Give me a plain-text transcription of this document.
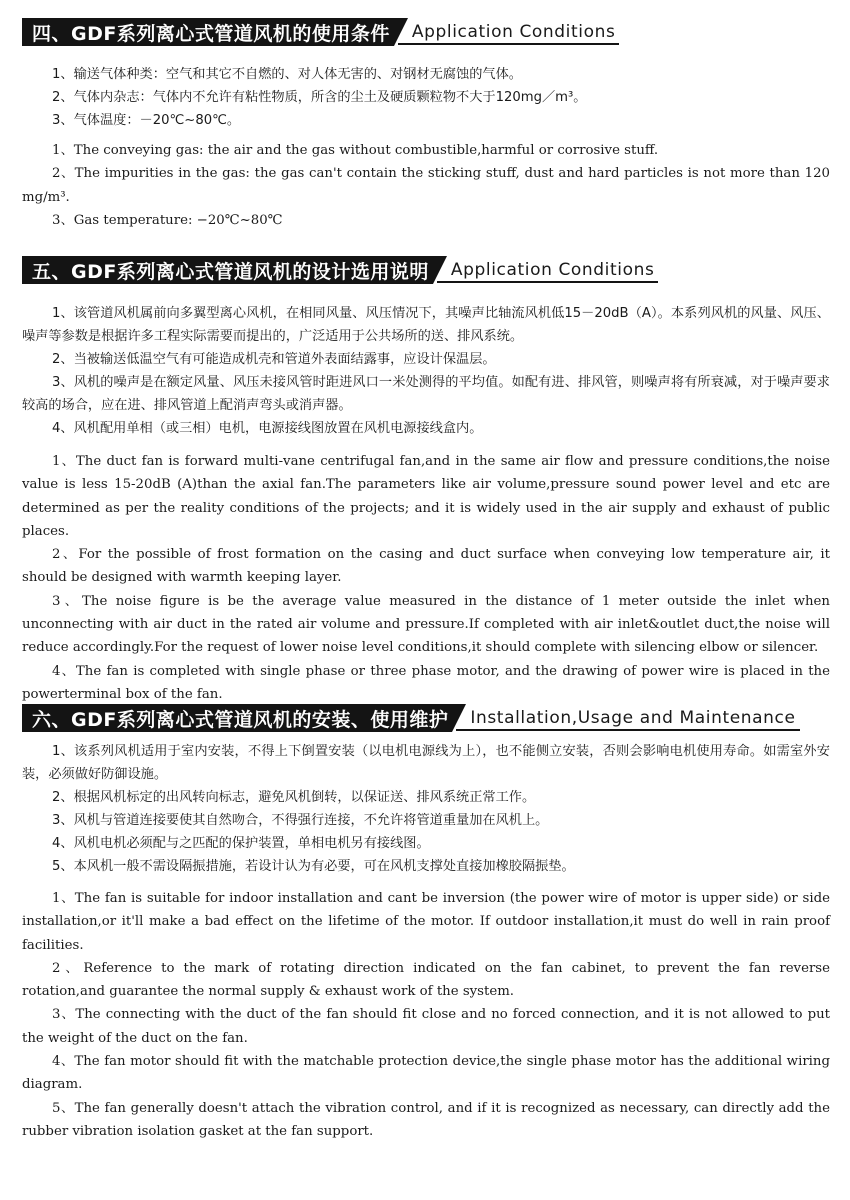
四、GDF系列离心式管道风机的使用条件 Application Conditions

1、输送气体种类：空气和其它不自燃的、对人体无害的、对钢材无腐蚀的气体。

2、气体内杂志：气体内不允许有粘性物质，所含的尘土及硬质颗粒物不大于120mg／m³。

3、气体温度：－20℃~80℃。

1、The conveying gas: the air and the gas without combustible,harmful or corrosive stuff.

2、The impurities in the gas: the gas can't contain the sticking stuff, dust and hard particles is not more than 120 mg/m³.

3、Gas temperature: −20℃~80℃

五、GDF系列离心式管道风机的设计选用说明 Application Conditions

1、该管道风机属前向多翼型离心风机，在相同风量、风压情况下，其噪声比轴流风机低15－20dB（A）。本系列风机的风量、风压、噪声等参数是根据许多工程实际需要而提出的，广泛适用于公共场所的送、排风系统。

2、当被输送低温空气有可能造成机壳和管道外表面结露事，应设计保温层。

3、风机的噪声是在额定风量、风压未接风管时距进风口一米处测得的平均值。如配有进、排风管，则噪声将有所衰减，对于噪声要求较高的场合，应在进、排风管道上配消声弯头或消声器。

4、风机配用单相（或三相）电机，电源接线图放置在风机电源接线盒内。

1、The duct fan is forward multi-vane centrifugal fan,and in the same air flow and pressure conditions,the noise value is less 15-20dB (A)than the axial fan.The parameters like air volume,pressure sound power level and etc are determined as per the reality conditions of the projects; and it is widely used in the air supply and exhaust of public places.

2、For the possible of frost formation on the casing and duct surface when conveying low temperature air, it should be designed with warmth keeping layer.

3、The noise figure is be the average value measured in the distance of 1 meter outside the inlet when unconnecting with air duct in the rated air volume and pressure.If completed with air inlet&outlet duct,the noise will reduce accordingly.For the request of lower noise level conditions,it should complete with silencing elbow or silencer.

4、The fan is completed with single phase or three phase motor, and the drawing of power wire is placed in the powerterminal box of the fan.

六、GDF系列离心式管道风机的安装、使用维护 Installation,Usage and Maintenance

1、该系列风机适用于室内安装，不得上下倒置安装（以电机电源线为上），也不能侧立安装，否则会影响电机使用寿命。如需室外安装，必须做好防御设施。

2、根据风机标定的出风转向标志，避免风机倒转，以保证送、排风系统正常工作。

3、风机与管道连接要使其自然吻合，不得强行连接，不允许将管道重量加在风机上。

4、风机电机必须配与之匹配的保护装置，单相电机另有接线图。

5、本风机一般不需设隔振措施，若设计认为有必要，可在风机支撑处直接加橡胶隔振垫。

1、The fan is suitable for indoor installation and cant be inversion (the power wire of motor is upper side) or side installation,or it'll make a bad effect on the lifetime of the motor. If outdoor installation,it must do well in rain proof facilities.

2、Reference to the mark of rotating direction indicated on the fan cabinet, to prevent the fan reverse rotation,and guarantee the normal supply & exhaust work of the system.

3、The connecting with the duct of the fan should fit close and no forced connection, and it is not allowed to put the weight of the duct on the fan.

4、The fan motor should fit with the matchable protection device,the single phase motor has the additional wiring diagram.

5、The fan generally doesn't attach the vibration control, and if it is recognized as necessary, can directly add the rubber vibration isolation gasket at the fan support.
